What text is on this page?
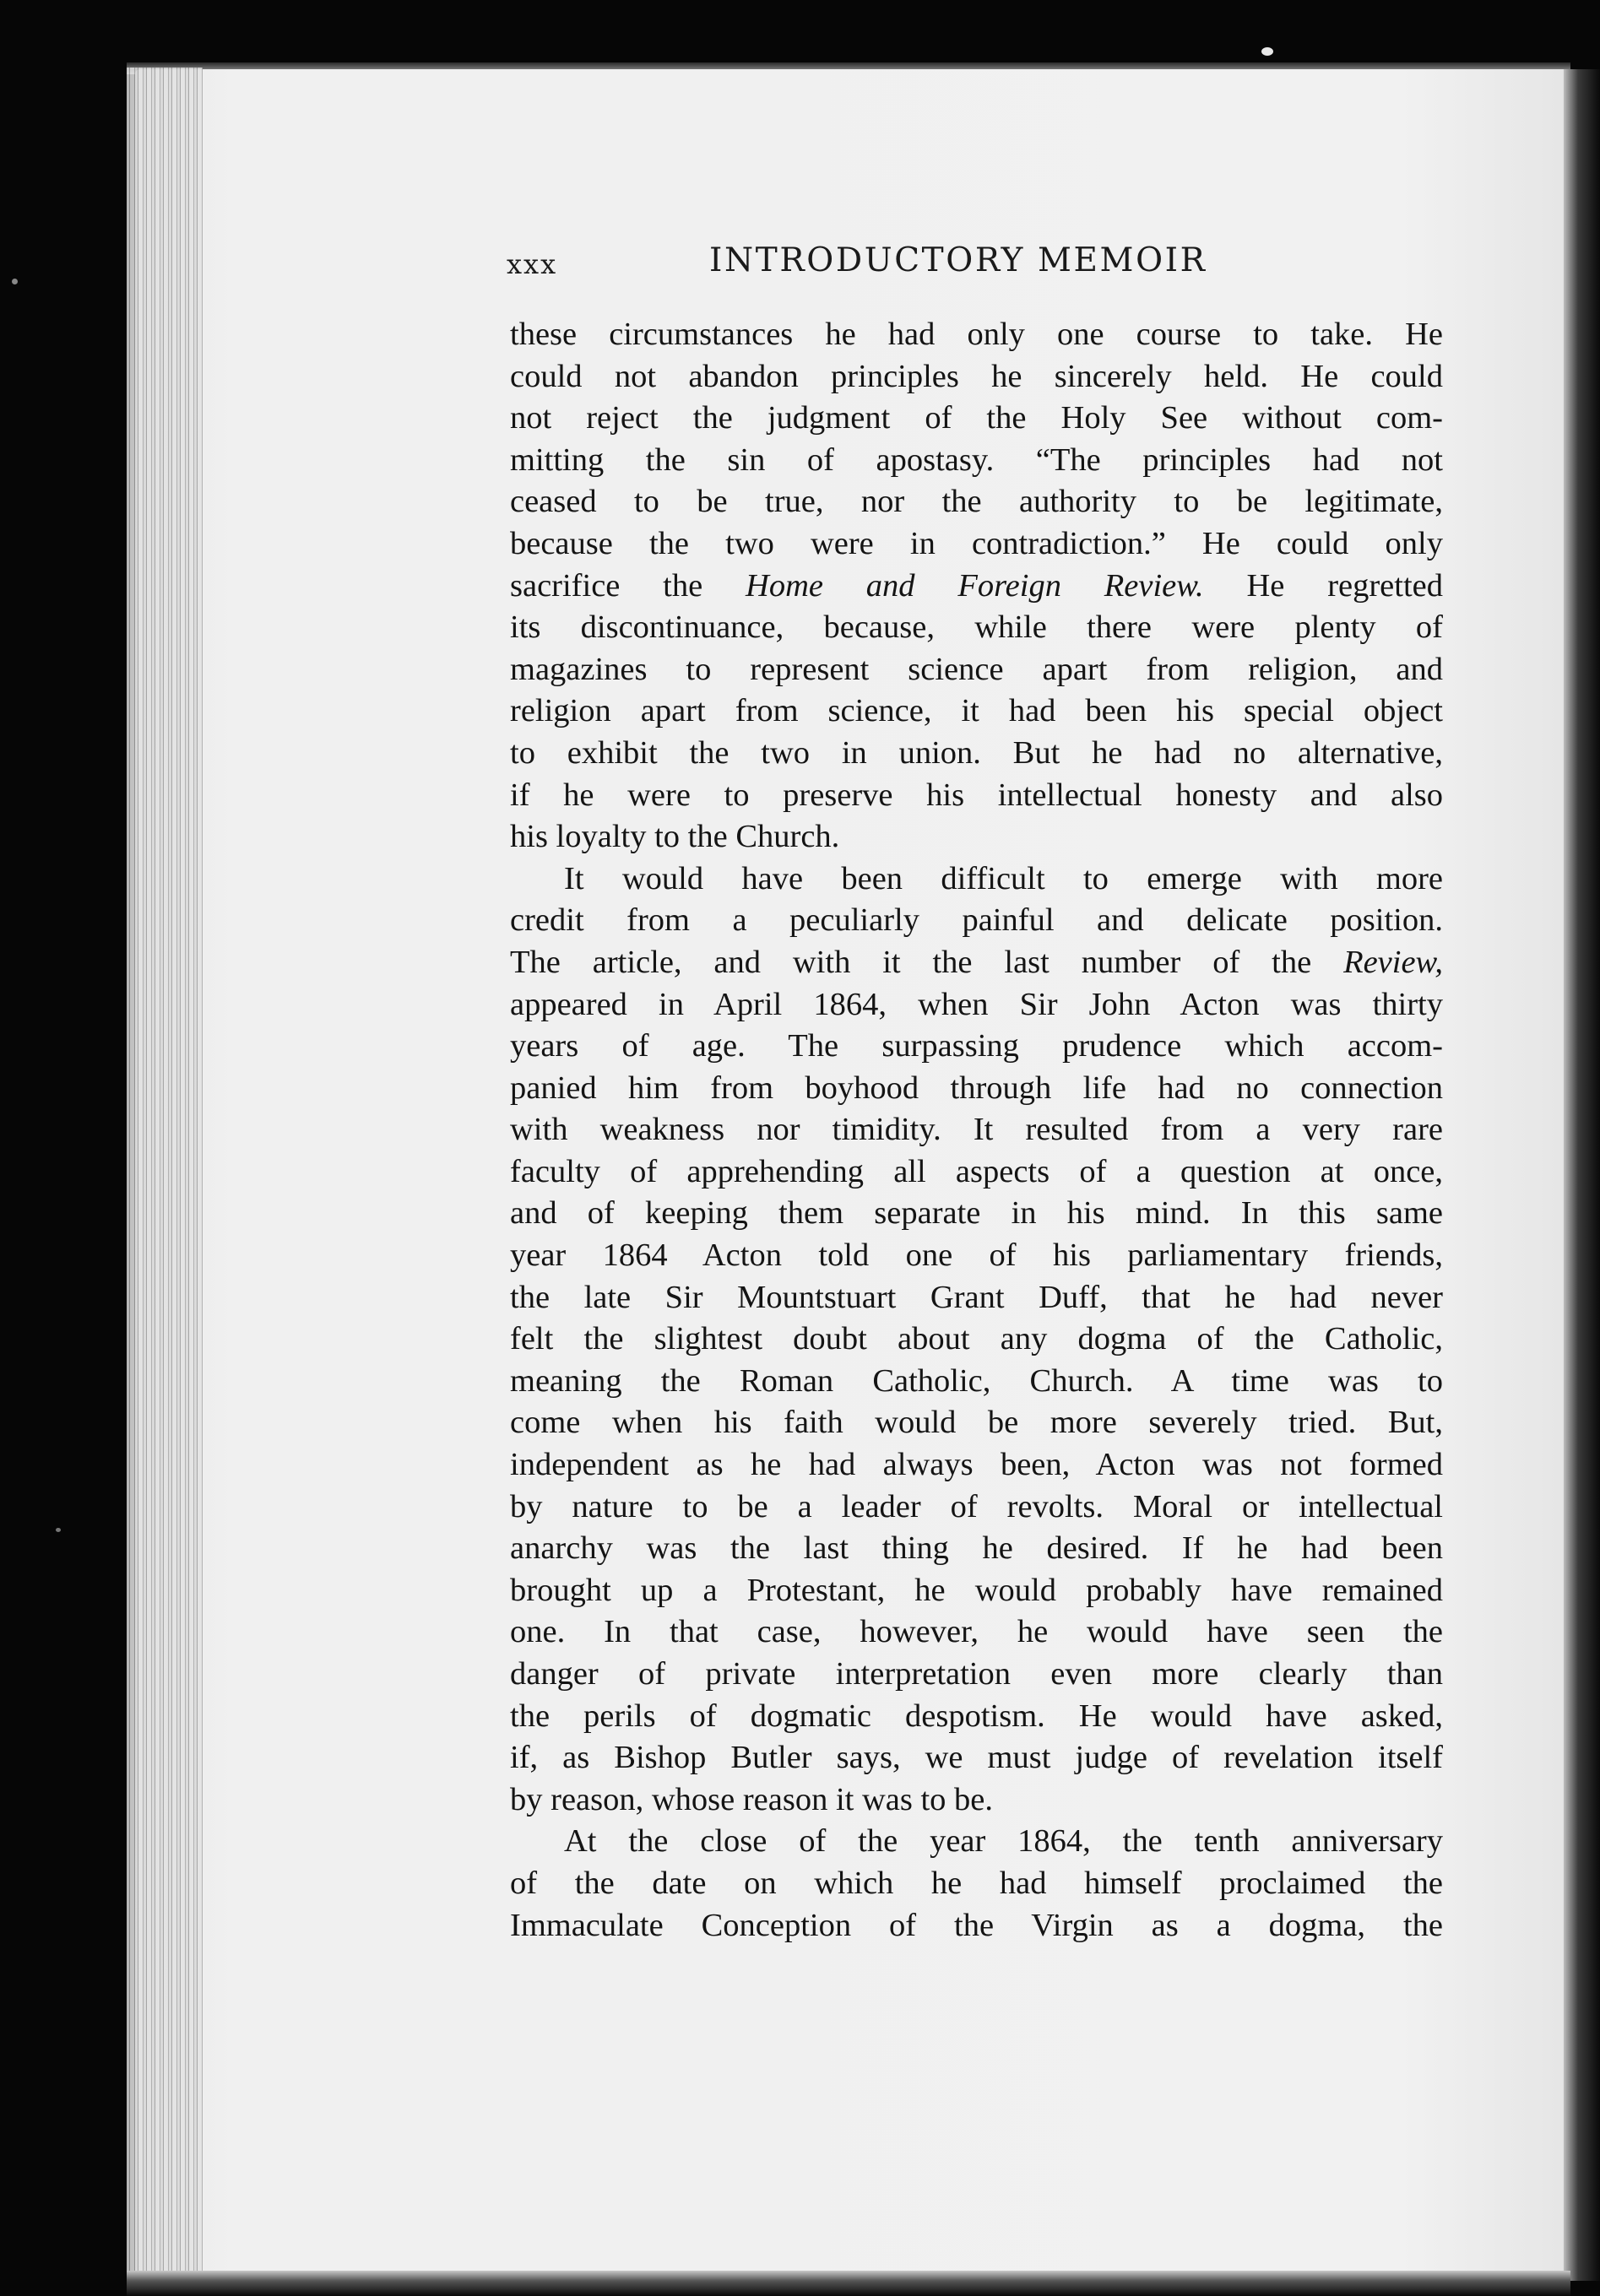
xxx	INTRODUCTORY MEMOIR
these circumstances he had only one course to take. He
could not abandon principles he sincerely held. He could
not reject the judgment of the Holy See without com-
mitting the sin of apostasy. “The principles had not
ceased to be true, nor the authority to be legitimate,
because the two were in contradiction.” He could only
sacrifice the Home and Foreign Review. He regretted
its discontinuance, because, while there were plenty of
magazines to represent science apart from religion, and
religion apart from science, it had been his special object
to exhibit the two in union. But he had no alternative,
if he were to preserve his intellectual honesty and also
his loyalty to the Church.
It would have been difficult to emerge with more
credit from a peculiarly painful and delicate position.
The article, and with it the last number of the Review,
appeared in April 1864, when Sir John Acton was thirty
years of age. The surpassing prudence which accom-
panied him from boyhood through life had no connection
with weakness nor timidity. It resulted from a very rare
faculty of apprehending all aspects of a question at once,
and of keeping them separate in his mind. In this same
year 1864 Acton told one of his parliamentary friends,
the late Sir Mountstuart Grant Duff, that he had never
felt the slightest doubt about any dogma of the Catholic,
meaning the Roman Catholic, Church. A time was to
come when his faith would be more severely tried. But,
independent as he had always been, Acton was not formed
by nature to be a leader of revolts. Moral or intellectual
anarchy was the last thing he desired. If he had been
brought up a Protestant, he would probably have remained
one. In that case, however, he would have seen the
danger of private interpretation even more clearly than
the perils of dogmatic despotism. He would have asked,
if, as Bishop Butler says, we must judge of revelation itself
by reason, whose reason it was to be.
At the close of the year 1864, the tenth anniversary
of the date on which he had himself proclaimed the
Immaculate Conception of the Virgin as a dogma, the
